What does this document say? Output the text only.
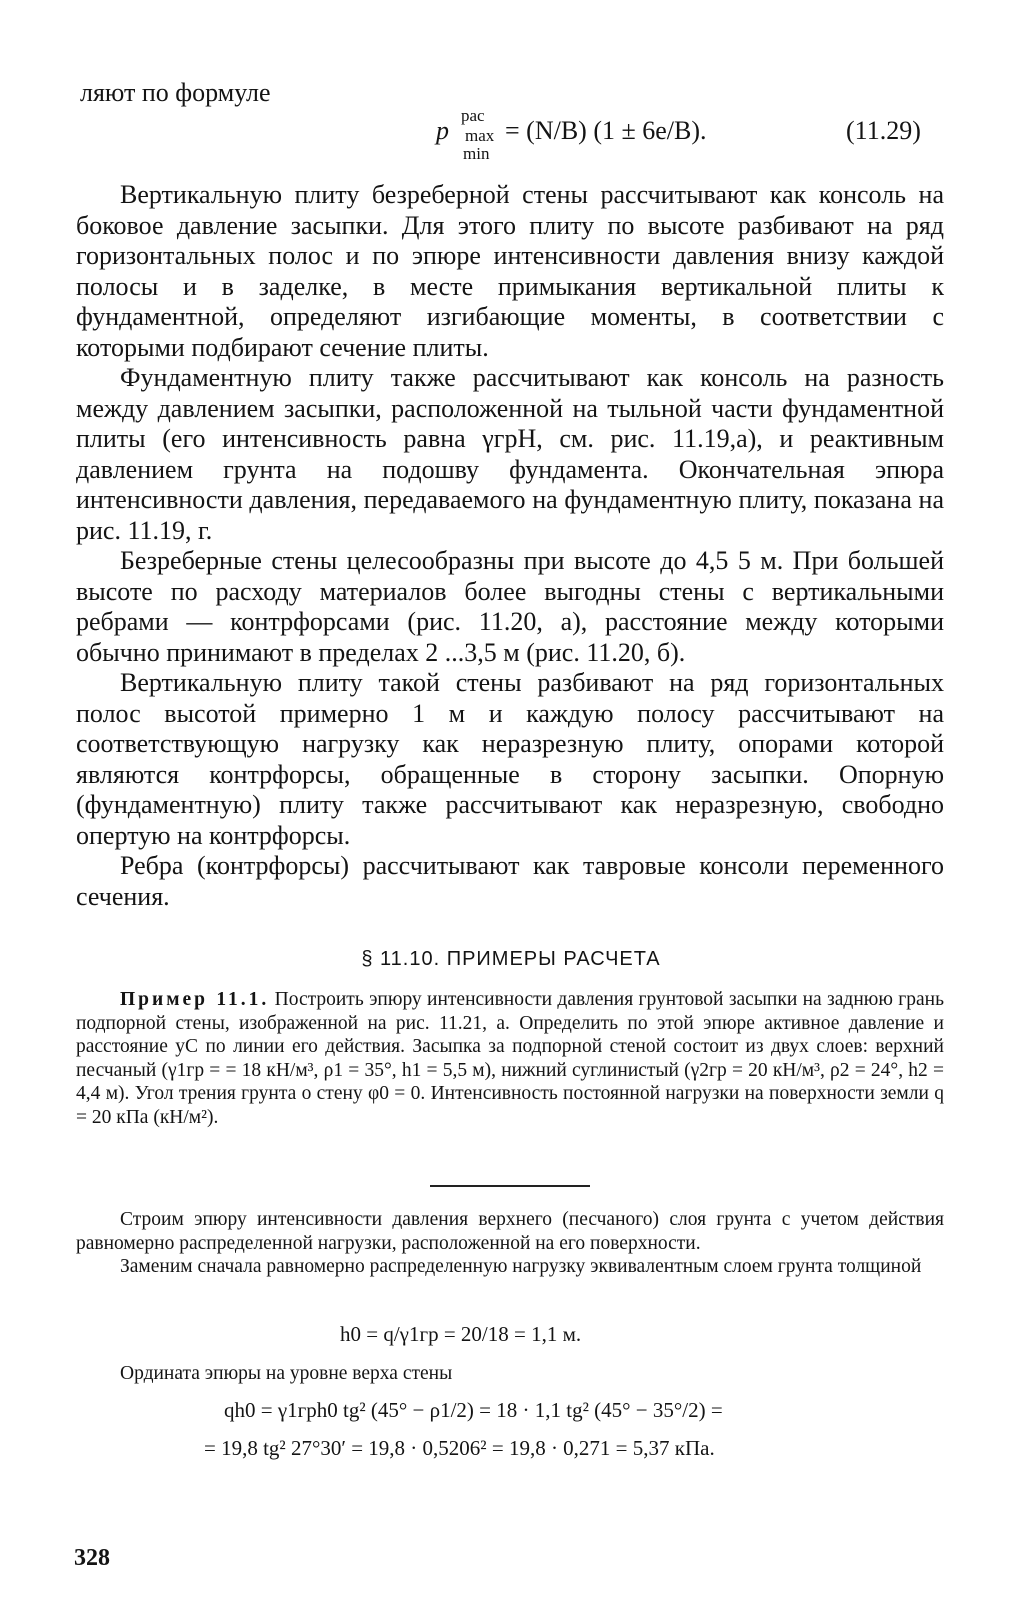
ляют по формуле
p
рас
max
min
= (N/B) (1 ± 6e/B).	(11.29)

Вертикальную плиту безреберной стены рассчитывают как консоль на боковое давление засыпки. Для этого плиту по высоте разбивают на ряд горизонтальных полос и по эпюре интенсивности давления внизу каждой полосы и в заделке, в месте примыкания вертикальной плиты к фундаментной, определяют изгибающие моменты, в соответствии с которыми подбирают сечение плиты.

Фундаментную плиту также рассчитывают как консоль на разность между давлением засыпки, расположенной на тыльной части фундаментной плиты (его интенсивность равна γгрH, см. рис. 11.19,а), и реактивным давлением грунта на подошву фундамента. Окончательная эпюра интенсивности давления, передаваемого на фундаментную плиту, показана на рис. 11.19, г.

Безреберные стены целесообразны при высоте до 4,5 5 м. При большей высоте по расходу материалов более выгодны стены с вертикальными ребрами — контрфорсами (рис. 11.20, а), расстояние между которыми обычно принимают в пределах 2 ...3,5 м (рис. 11.20, б).

Вертикальную плиту такой стены разбивают на ряд горизонтальных полос высотой примерно 1 м и каждую полосу рассчитывают на соответствующую нагрузку как неразрезную плиту, опорами которой являются контрфорсы, обращенные в сторону засыпки. Опорную (фундаментную) плиту также рассчитывают как неразрезную, свободно опертую на контрфорсы.

Ребра (контрфорсы) рассчитывают как тавровые консоли переменного сечения.

§ 11.10. ПРИМЕРЫ РАСЧЕТА

Пример 11.1. Построить эпюру интенсивности давления грунтовой засыпки на заднюю грань подпорной стены, изображенной на рис. 11.21, а. Определить по этой эпюре активное давление и расстояние yC по линии его действия. Засыпка за подпорной стеной состоит из двух слоев: верхний песчаный (γ1гр = = 18 кН/м³, ρ1 = 35°, h1 = 5,5 м), нижний суглинистый (γ2гр = 20 кН/м³, ρ2 = 24°, h2 = 4,4 м). Угол трения грунта о стену φ0 = 0. Интенсивность постоянной нагрузки на поверхности земли q = 20 кПа (кН/м²).

Строим эпюру интенсивности давления верхнего (песчаного) слоя грунта с учетом действия равномерно распределенной нагрузки, расположенной на его поверхности.

Заменим сначала равномерно распределенную нагрузку эквивалентным слоем грунта толщиной

h0 = q/γ1гр = 20/18 = 1,1 м.

Ордината эпюры на уровне верха стены

qh0 = γ1грh0 tg² (45° − ρ1/2) = 18 · 1,1 tg² (45° − 35°/2) =
= 19,8 tg² 27°30′ = 19,8 · 0,5206² = 19,8 · 0,271 = 5,37 кПа.
328
